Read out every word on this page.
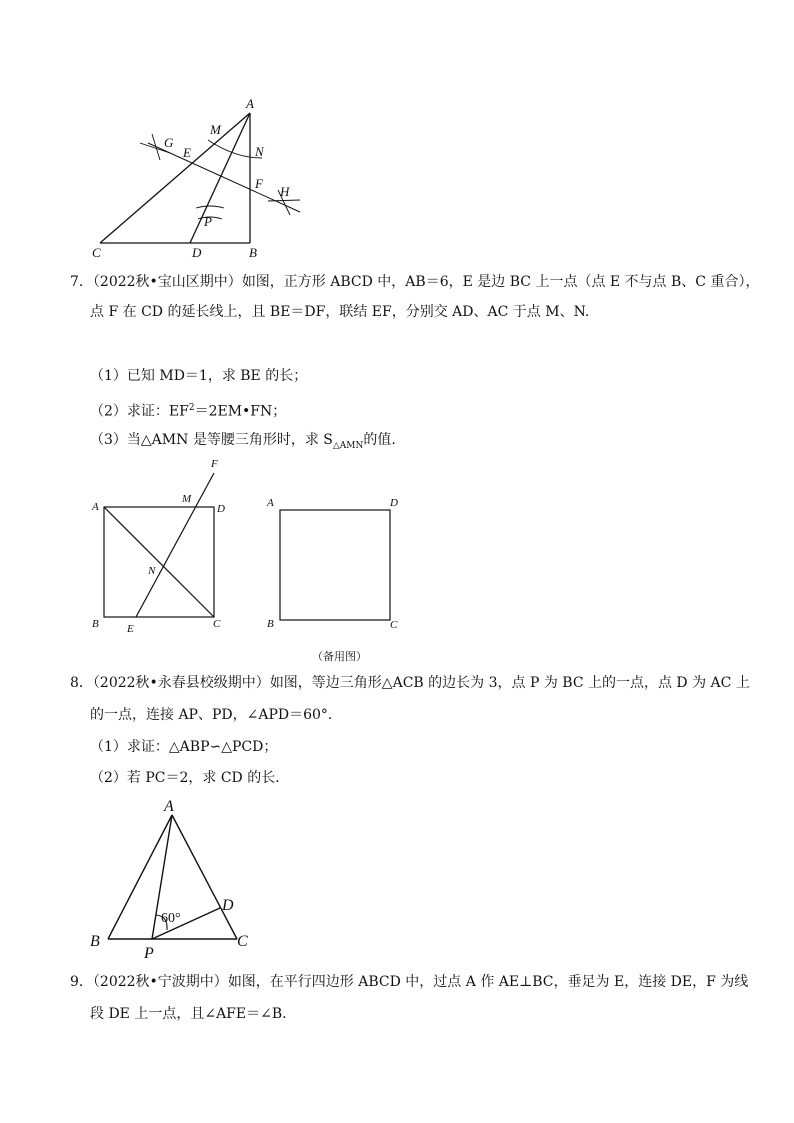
A
M
G
E	N
F
H
P
C	D	B
7．（2022秋•宝山区期中）如图，正方形 ABCD 中，AB＝6，E 是边 BC 上一点（点 E 不与点 B、C 重合），
点 F 在 CD 的延长线上，且 BE＝DF，联结 EF，分别交 AD、AC 于点 M、N.
（1）已知 MD＝1，求 BE 的长；
（2）求证：$EF^2=2EM•FN$；
（3）当△AMN 是等腰三角形时，求 $S_{\triangle AMN}$的值.
F
M
A	D
N
B	E	C
A	D
B	C
（备用图）
8．（2022秋•永春县校级期中）如图，等边三角形△ACB 的边长为 3，点 P 为 BC 上的一点，点 D 为 AC 上
的一点，连接 AP、PD，∠APD＝60°．
（1）求证：△ABP∽△PCD；
（2）若 PC＝2，求 CD 的长．
A
B
P
C
D
60°
9．（2022秋•宁波期中）如图，在平行四边形 ABCD 中，过点 A 作 AE⊥BC，垂足为 E，连接 DE，F 为线
段 DE 上一点，且∠AFE＝∠B.
